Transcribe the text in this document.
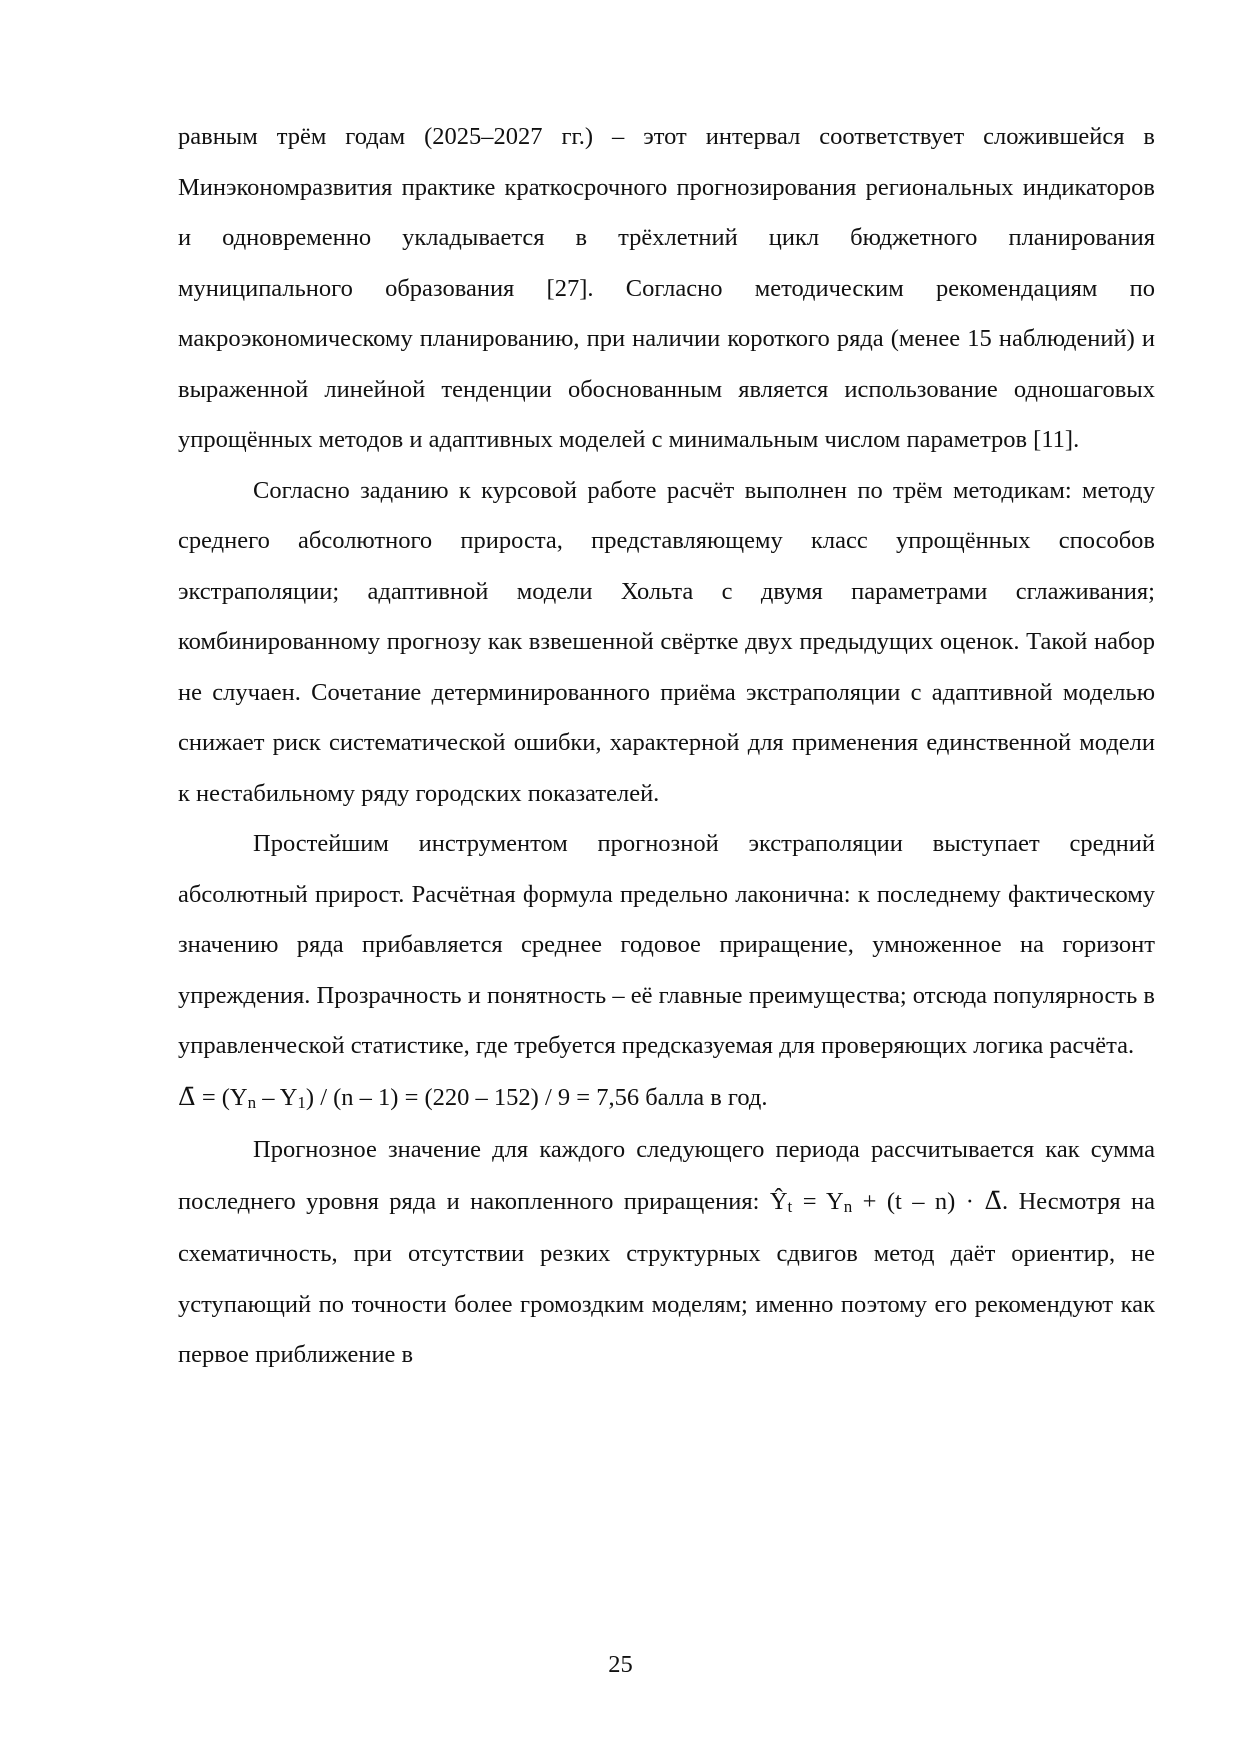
равным трём годам (2025–2027 гг.) – этот интервал соответствует сложившейся в Минэкономразвития практике краткосрочного прогнозирования региональных индикаторов и одновременно укладывается в трёхлетний цикл бюджетного планирования муниципального образования [27]. Согласно методическим рекомендациям по макроэкономическому планированию, при наличии короткого ряда (менее 15 наблюдений) и выраженной линейной тенденции обоснованным является использование одношаговых упрощённых методов и адаптивных моделей с минимальным числом параметров [11].

Согласно заданию к курсовой работе расчёт выполнен по трём методикам: методу среднего абсолютного прироста, представляющему класс упрощённых способов экстраполяции; адаптивной модели Хольта с двумя параметрами сглаживания; комбинированному прогнозу как взвешенной свёртке двух предыдущих оценок. Такой набор не случаен. Сочетание детерминированного приёма экстраполяции с адаптивной моделью снижает риск систематической ошибки, характерной для применения единственной модели к нестабильному ряду городских показателей.

Простейшим инструментом прогнозной экстраполяции выступает средний абсолютный прирост. Расчётная формула предельно лаконична: к последнему фактическому значению ряда прибавляется среднее годовое приращение, умноженное на горизонт упреждения. Прозрачность и понятность – её главные преимущества; отсюда популярность в управленческой статистике, где требуется предсказуемая для проверяющих логика расчёта.

Δ̄ = (Yn – Y1) / (n – 1) = (220 – 152) / 9 = 7,56 балла в год.

Прогнозное значение для каждого следующего периода рассчитывается как сумма последнего уровня ряда и накопленного приращения: Ŷt = Yn + (t – n) · Δ̄. Несмотря на схематичность, при отсутствии резких структурных сдвигов метод даёт ориентир, не уступающий по точности более громоздким моделям; именно поэтому его рекомендуют как первое приближение в

25
